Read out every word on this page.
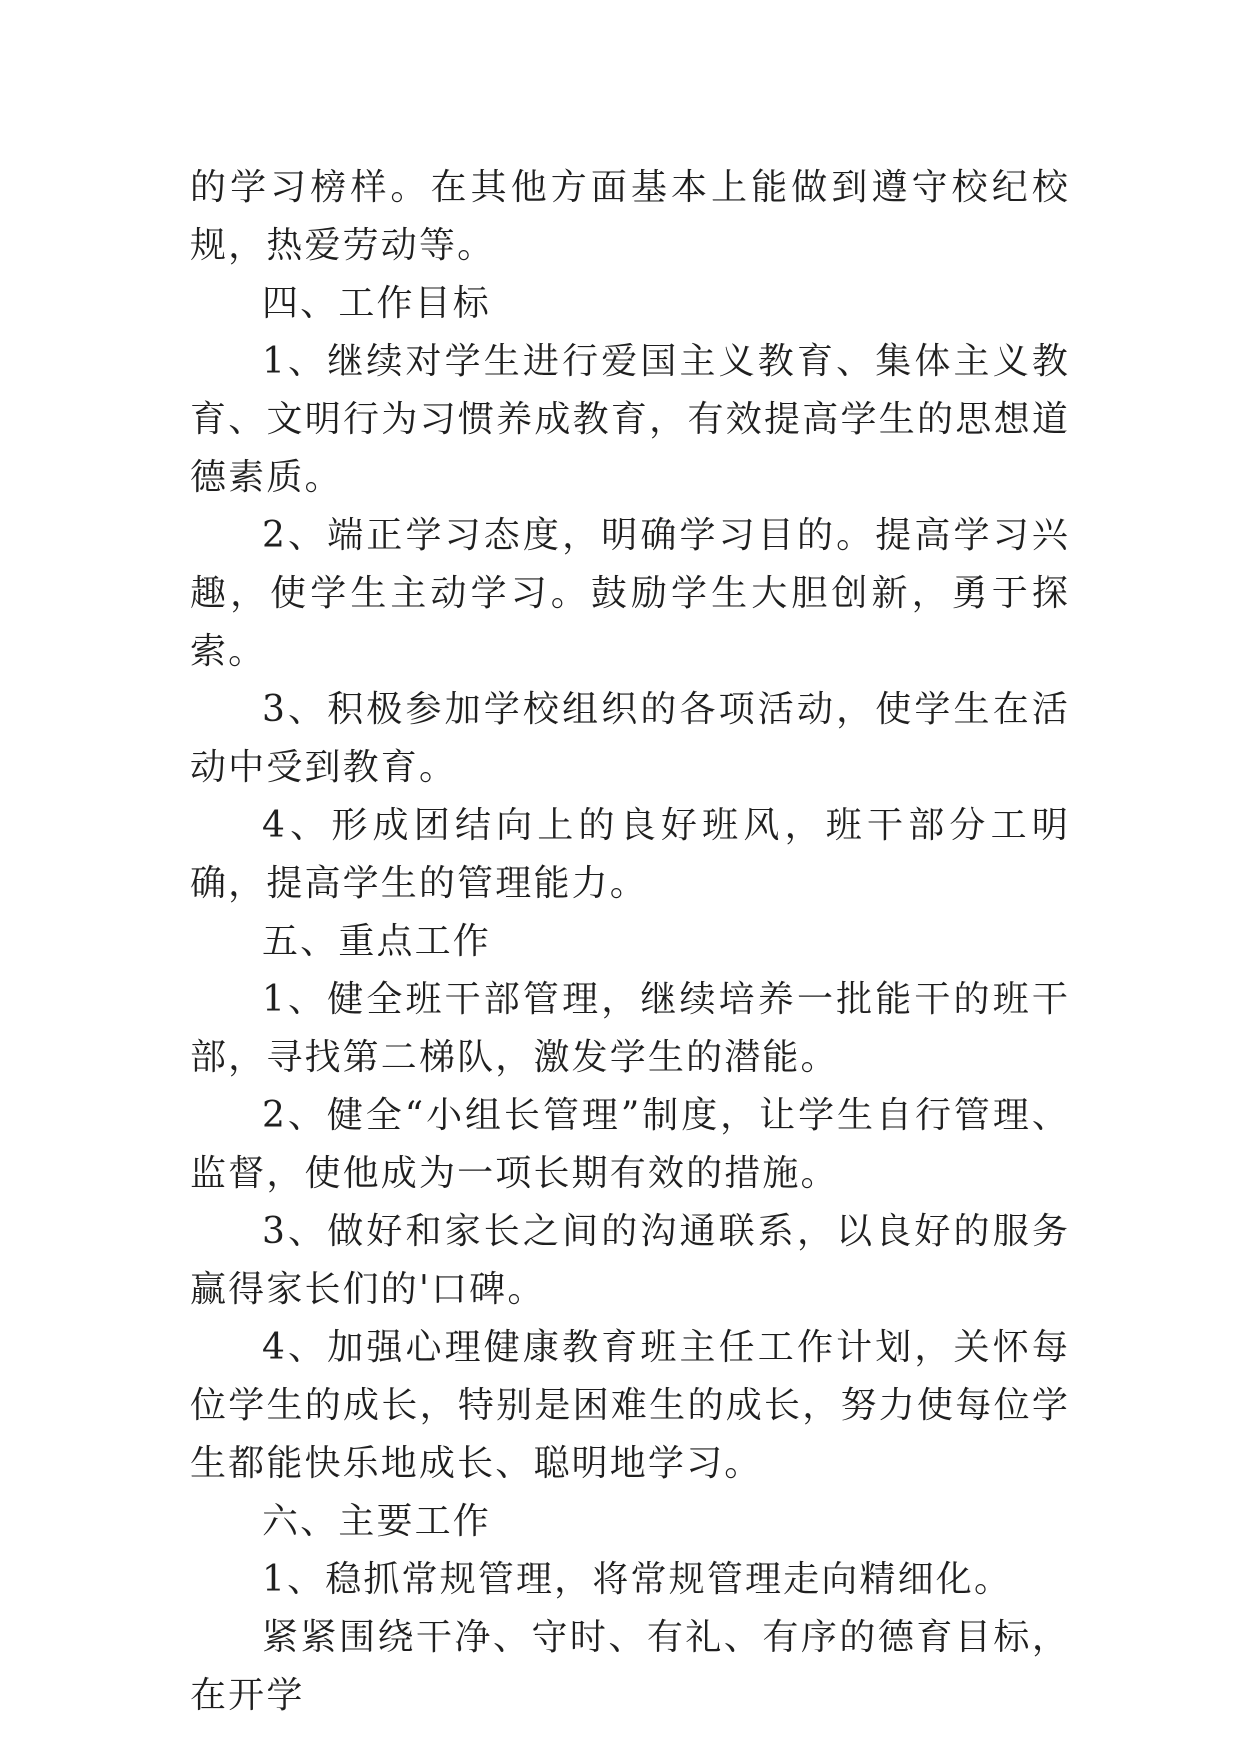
的学习榜样。在其他方面基本上能做到遵守校纪校规，热爱劳动等。

四、工作目标

1、继续对学生进行爱国主义教育、集体主义教育、文明行为习惯养成教育，有效提高学生的思想道德素质。

2、端正学习态度，明确学习目的。提高学习兴趣，使学生主动学习。鼓励学生大胆创新，勇于探索。

3、积极参加学校组织的各项活动，使学生在活动中受到教育。

4、形成团结向上的良好班风，班干部分工明确，提高学生的管理能力。

五、重点工作

1、健全班干部管理，继续培养一批能干的班干部，寻找第二梯队，激发学生的潜能。

2、健全“小组长管理”制度，让学生自行管理、监督，使他成为一项长期有效的措施。

3、做好和家长之间的沟通联系，以良好的服务赢得家长们的'口碑。

4、加强心理健康教育班主任工作计划，关怀每位学生的成长，特别是困难生的成长，努力使每位学生都能快乐地成长、聪明地学习。

六、主要工作

1、稳抓常规管理，将常规管理走向精细化。

紧紧围绕干净、守时、有礼、有序的德育目标，在开学
